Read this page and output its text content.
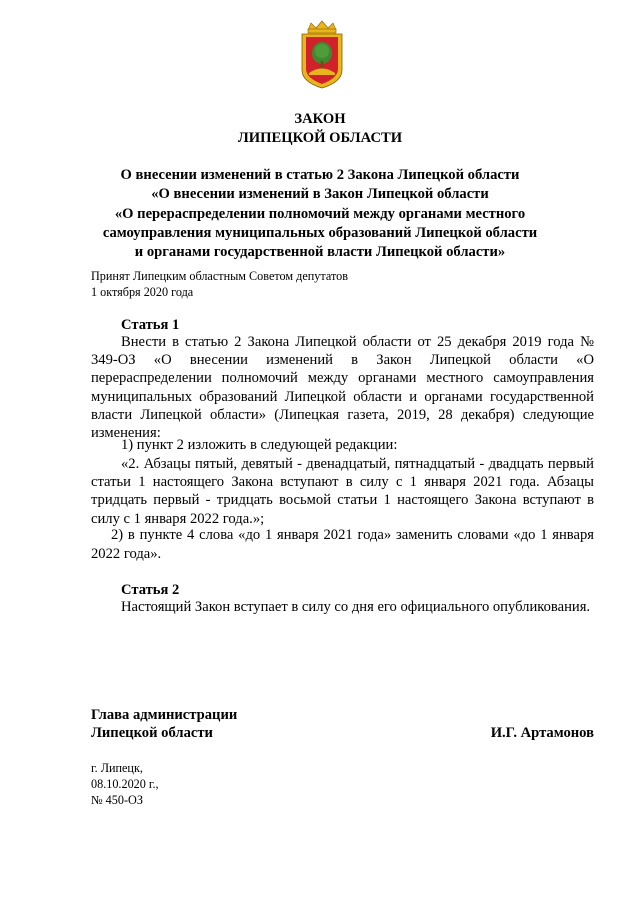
ЗАКОН
ЛИПЕЦКОЙ ОБЛАСТИ
О внесении изменений в статью 2 Закона Липецкой области
«О внесении изменений в Закон Липецкой области
«О перераспределении полномочий между органами местного
самоуправления муниципальных образований Липецкой области
и органами государственной власти Липецкой области»
Принят Липецким областным Советом депутатов
1 октября 2020 года
Статья 1

Внести в статью 2 Закона Липецкой области от 25 декабря 2019 года № 349-ОЗ «О внесении изменений в Закон Липецкой области «О перераспределении полномочий между органами местного самоуправления муниципальных образований Липецкой области и органами государственной власти Липецкой области» (Липецкая газета, 2019, 28 декабря) следующие изменения:

1) пункт 2 изложить в следующей редакции:
«2. Абзацы пятый, девятый - двенадцатый, пятнадцатый - двадцать первый статьи 1 настоящего Закона вступают в силу с 1 января 2021 года. Абзацы тридцать первый - тридцать восьмой статьи 1 настоящего Закона вступают в силу с 1 января 2022 года.»;
2) в пункте 4 слова «до 1 января 2021 года» заменить словами «до 1 января 2022 года».
Статья 2

Настоящий Закон вступает в силу со дня его официального опубликования.

Глава администрации
Липецкой области	И.Г. Артамонов
г. Липецк,
08.10.2020 г.,
№ 450-ОЗ
